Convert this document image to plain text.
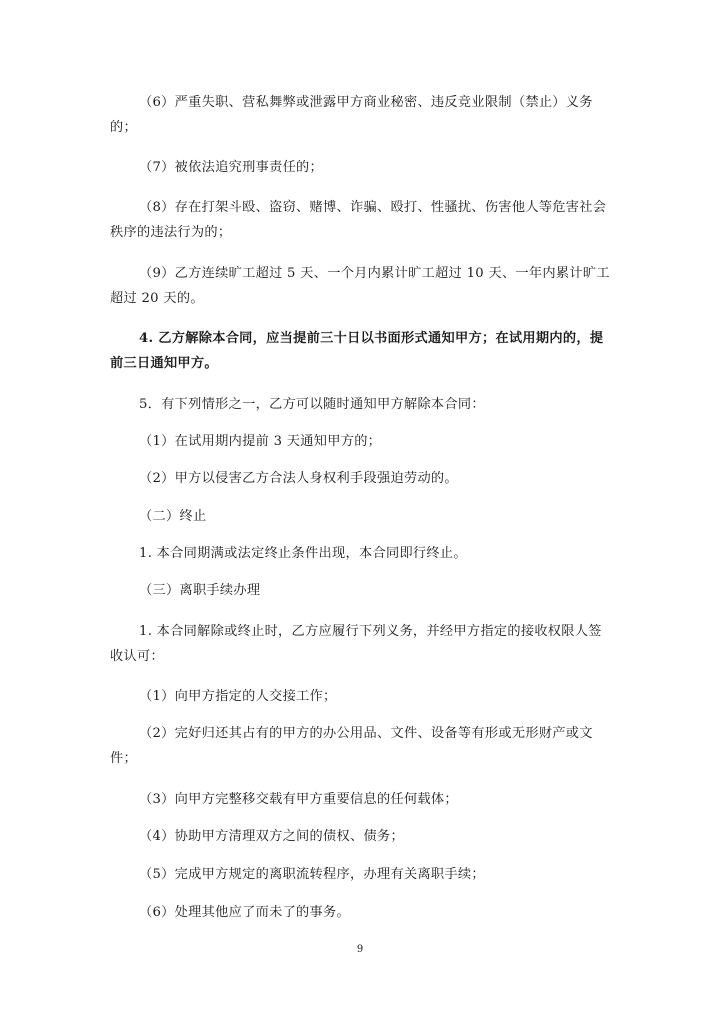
（6）严重失职、营私舞弊或泄露甲方商业秘密、违反竞业限制（禁止）义务的；

（7）被依法追究刑事责任的；

（8）存在打架斗殴、盗窃、赌博、诈骗、殴打、性骚扰、伤害他人等危害社会秩序的违法行为的；

（9）乙方连续旷工超过 5 天、一个月内累计旷工超过 10 天、一年内累计旷工超过 20 天的。

4. 乙方解除本合同，应当提前三十日以书面形式通知甲方；在试用期内的，提前三日通知甲方。

5．有下列情形之一，乙方可以随时通知甲方解除本合同：

（1）在试用期内提前 3 天通知甲方的；

（2）甲方以侵害乙方合法人身权利手段强迫劳动的。

（二）终止

1. 本合同期满或法定终止条件出现，本合同即行终止。

（三）离职手续办理

1. 本合同解除或终止时，乙方应履行下列义务，并经甲方指定的接收权限人签收认可：

（1）向甲方指定的人交接工作；

（2）完好归还其占有的甲方的办公用品、文件、设备等有形或无形财产或文件；

（3）向甲方完整移交载有甲方重要信息的任何载体；

（4）协助甲方清理双方之间的债权、债务；

（5）完成甲方规定的离职流转程序，办理有关离职手续；

（6）处理其他应了而未了的事务。

9
